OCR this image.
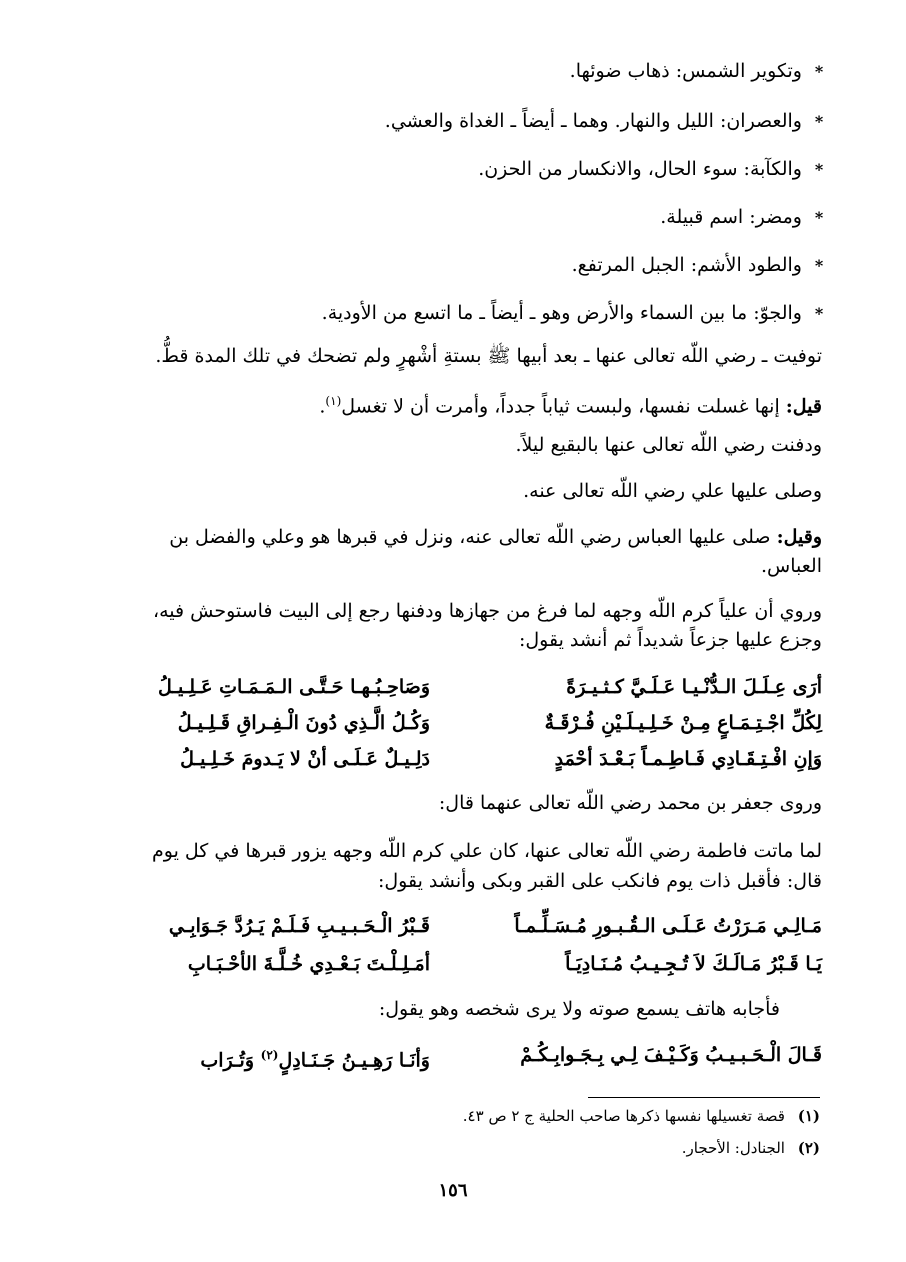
* وتكوير الشمس: ذهاب ضوئها.
* والعصران: الليل والنهار. وهما ـ أيضاً ـ الغداة والعشي.
* والكآبة: سوء الحال، والانكسار من الحزن.
* ومضر: اسم قبيلة.
* والطود الأشم: الجبل المرتفع.
* والجوّ: ما بين السماء والأرض وهو ـ أيضاً ـ ما اتسع من الأودية.
توفيت ـ رضي اللّه تعالى عنها ـ بعد أبيها ﷺ بستةِ أشْهرٍ ولم تضحك في تلك المدة قطُّ.
قيل: إنها غسلت نفسها، ولبست ثياباً جدداً، وأمرت أن لا تغسل$^{(١)}$.
ودفنت رضي اللّه تعالى عنها بالبقيع ليلاً.
وصلى عليها علي رضي اللّه تعالى عنه.
وقيل: صلى عليها العباس رضي اللّه تعالى عنه، ونزل في قبرها هو وعلي والفضل بن
العباس.
وروي أن علياً كرم اللّه وجهه لما فرغ من جهازها ودفنها رجع إلى البيت فاستوحش فيه،
وجزع عليها جزعاً شديداً ثم أنشد يقول:
أرَى عِـلَـلَ الـدُّنْـيـا عَـلَـيَّ كـثـيـرَةً
وَصَاحِـبُـهـا حَـتَّـى الـمَـمَـاتِ عَـلِـيـلُ
لِكُلِّ اجْـتِـمَـاعٍ مِـنْ خَـلِـيـلَـيْنِ فُـرْقَـةٌ
وَكُـلُ الَّـذِي دُونَ الْـفِـراقِ قَـلِـيـلُ
وَإنِ افْـتِـقَـادِي فَـاطِـمـاً بَـعْـدَ أحْمَدٍ
دَلِـيـلٌ عَـلَـى أنْ لا يَـدومَ خَـلِـيـلُ
وروى جعفر بن محمد رضي اللّه تعالى عنهما قال:
لما ماتت فاطمة رضي اللّه تعالى عنها، كان علي كرم اللّه وجهه يزور قبرها في كل يوم
قال: فأقبل ذات يوم فانكب على القبر وبكى وأنشد يقول:
مَـالِـي مَـرَرْتُ عَـلَـى الـقُـبـورِ مُـسَـلِّـمـاً
قَـبْرُ الْـحَـبـيـبِ فَـلَـمْ يَـرُدَّ جَـوَابِـي
يَـا قَـبْرُ مَـالَـكَ لاَ تُـجِـيـبُ مُـنَـادِيَـاً
أمَـلِـلْـتَ بَـعْـدِي خُـلَّـةَ الأحْـبَـابِ
فأجابه هاتف يسمع صوته ولا يرى شخصه وهو يقول:
قَـالَ الْـحَـبـيـبُ وَكَـيْـفَ لِـي بِـجَـوابِـكُـمْ
وَأنَـا رَهِـيـنُ جَـنَـادِلٍ$^{(٢)}$ وَتُـرَاب
(١) قصة تغسيلها نفسها ذكرها صاحب الحلية ج ٢ ص ٤٣.
(٢) الجنادل: الأحجار.
١٥٦
